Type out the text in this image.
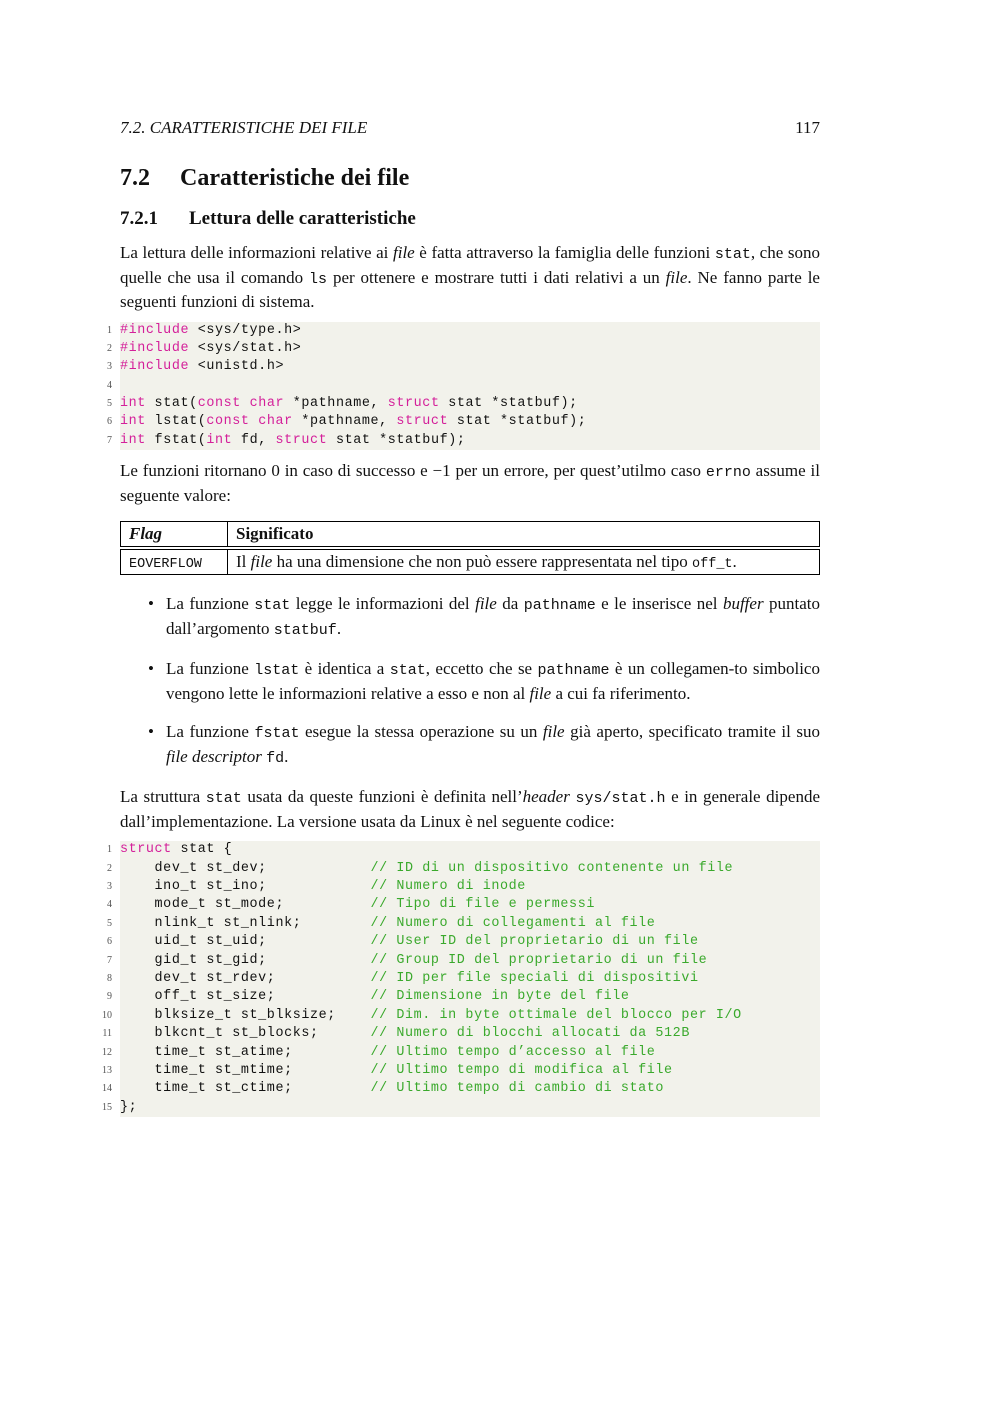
7.2. CARATTERISTICHE DEI FILE	117
7.2 Caratteristiche dei file
7.2.1 Lettura delle caratteristiche

La lettura delle informazioni relative ai file è fatta attraverso la famiglia delle funzioni stat, che sono quelle che usa il comando ls per ottenere e mostrare tutti i dati relativi a un file. Ne fanno parte le seguenti funzioni di sistema.

1 #include <sys/type.h>
2 #include <sys/stat.h>
3 #include <unistd.h>
4
5 int stat(const char *pathname, struct stat *statbuf);
6 int lstat(const char *pathname, struct stat *statbuf);
7 int fstat(int fd, struct stat *statbuf);

Le funzioni ritornano 0 in caso di successo e −1 per un errore, per quest’utilmo caso errno assume il seguente valore:

Flag	Significato

EOVERFLOW	Il file ha una dimensione che non può essere rappresentata nel tipo off_t.
• La funzione stat legge le informazioni del file da pathname e le inserisce nel buffer puntato dall’argomento statbuf.
• La funzione lstat è identica a stat, eccetto che se pathname è un collegamen-to simbolico vengono lette le informazioni relative a esso e non al file a cui fa riferimento.
• La funzione fstat esegue la stessa operazione su un file già aperto, specificato tramite il suo file descriptor fd.

La struttura stat usata da queste funzioni è definita nell’header sys/stat.h e in generale dipende dall’implementazione. La versione usata da Linux è nel seguente codice:

1 struct stat {
2 dev_t st_dev;            // ID di un dispositivo contenente un file
3 ino_t st_ino;            // Numero di inode
4 mode_t st_mode;          // Tipo di file e permessi
5 nlink_t st_nlink;        // Numero di collegamenti al file
6 uid_t st_uid;            // User ID del proprietario di un file
7 gid_t st_gid;            // Group ID del proprietario di un file
8 dev_t st_rdev;           // ID per file speciali di dispositivi
9 off_t st_size;           // Dimensione in byte del file
10 blksize_t st_blksize;    // Dim. in byte ottimale del blocco per I/O
11 blkcnt_t st_blocks;      // Numero di blocchi allocati da 512B
12 time_t st_atime;         // Ultimo tempo d’accesso al file
13 time_t st_mtime;         // Ultimo tempo di modifica al file
14 time_t st_ctime;         // Ultimo tempo di cambio di stato
15 };
